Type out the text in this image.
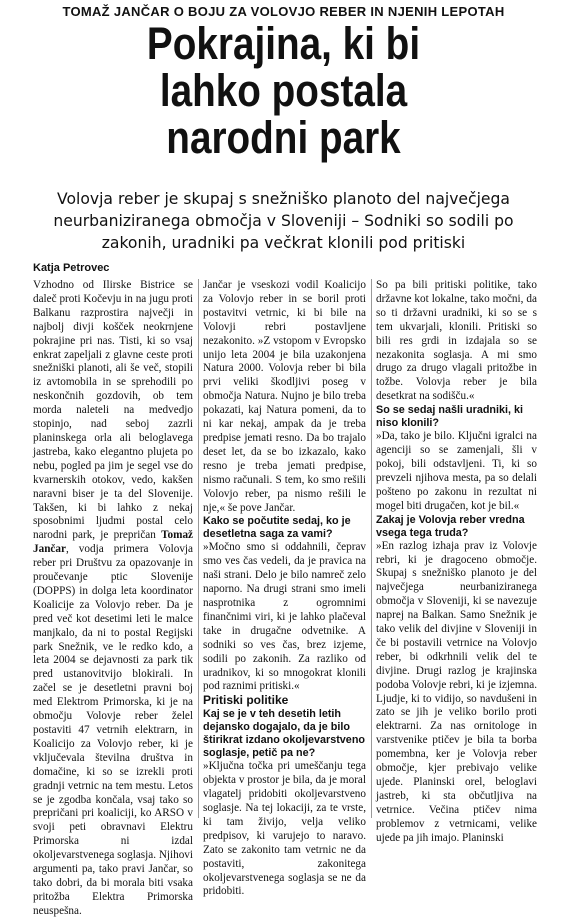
TOMAŽ JANČAR O BOJU ZA VOLOVJO REBER IN NJENIH LEPOTAH
Pokrajina, ki bi
lahko postala
narodni park
Volovja reber je skupaj s snežniško planoto del največjega
neurbaniziranega območja v Sloveniji – Sodniki so sodili po
zakonih, uradniki pa večkrat klonili pod pritiski
Katja Petrovec

Vzhodno od Ilirske Bistrice se daleč proti Kočevju in na jugu proti Balkanu razprostira največji in najbolj divji košček neokrnjene pokrajine pri nas. Tisti, ki so vsaj enkrat zapeljali z glavne ceste proti snežniški planoti, ali še več, stopili iz avtomobila in se sprehodili po neskončnih gozdovih, ob tem morda naleteli na medvedjo stopinjo, nad seboj zazrli planinskega orla ali beloglavega jastreba, kako elegantno plujeta po nebu, pogled pa jim je segel vse do kvarnerskih otokov, vedo, kakšen naravni biser je ta del Slovenije. Takšen, ki bi lahko z nekaj sposobnimi ljudmi postal celo narodni park, je prepričan Tomaž Jančar, vodja primera Volovja reber pri Društvu za opazovanje in proučevanje ptic Slovenije (DOPPS) in dolga leta koordinator Koalicije za Volovjo reber. Da je pred več kot desetimi leti le malce manjkalo, da ni to postal Regijski park Snežnik, ve le redko kdo, a leta 2004 se dejavnosti za park tik pred ustanovitvijo blokirali. In začel se je desetletni pravni boj med Elektrom Primorska, ki je na območju Volovje reber želel postaviti 47 vetrnih elektrarn, in Koalicijo za Volovjo reber, ki je vključevala številna društva in domačine, ki so se izrekli proti gradnji vetrnic na tem mestu. Letos se je zgodba končala, vsaj tako so prepričani pri koaliciji, ko ARSO v svoji peti obravnavi Elektru Primorska ni izdal okoljevarstvenega soglasja. Njihovi argumenti pa, tako pravi Jančar, so tako dobri, da bi morala biti vsaka pritožba Elektra Primorska neuspešna.

Jančar je vseskozi vodil Koalicijo za Volovjo reber in se boril proti postavitvi vetrnic, ki bi bile na Volovji rebri postavljene nezakonito. »Z vstopom v Evropsko unijo leta 2004 je bila uzakonjena Natura 2000. Volovja reber bi bila prvi veliki škodljivi poseg v območja Natura. Nujno je bilo treba pokazati, kaj Natura pomeni, da to ni kar nekaj, ampak da je treba predpise jemati resno. Da bo trajalo deset let, da se bo izkazalo, kako resno je treba jemati predpise, nismo računali. S tem, ko smo rešili Volovjo reber, pa nismo rešili le nje,« še pove Jančar.

Kako se počutite sedaj, ko je desetletna saga za vami?

»Močno smo si oddahnili, čeprav smo ves čas vedeli, da je pravica na naši strani. Delo je bilo namreč zelo naporno. Na drugi strani smo imeli nasprotnika z ogromnimi finančnimi viri, ki je lahko plačeval take in drugačne odvetnike. A sodniki so ves čas, brez izjeme, sodili po zakonih. Za razliko od uradnikov, ki so mnogokrat klonili pod raznimi pritiski.«

Pritiski politike

Kaj se je v teh desetih letih dejansko dogajalo, da je bilo štirikrat izdano okoljevarstveno soglasje, petič pa ne?

»Ključna točka pri umeščanju tega objekta v prostor je bila, da je moral vlagatelj pridobiti okoljevarstveno soglasje. Na tej lokaciji, za te vrste, ki tam živijo, velja veliko predpisov, ki varujejo to naravo. Zato se zakonito tam vetrnic ne da postaviti, zakonitega okoljevarstvenega soglasja se ne da pridobiti.

So pa bili pritiski politike, tako državne kot lokalne, tako močni, da so ti državni uradniki, ki so se s tem ukvarjali, klonili. Pritiski so bili res grdi in izdajala so se nezakonita soglasja. A mi smo drugo za drugo vlagali pritožbe in tožbe. Volovja reber je bila desetkrat na sodišču.«

So se sedaj našli uradniki, ki niso klonili?

»Da, tako je bilo. Ključni igralci na agenciji so se zamenjali, šli v pokoj, bili odstavljeni. Ti, ki so prevzeli njihova mesta, pa so delali pošteno po zakonu in rezultat ni mogel biti drugačen, kot je bil.«

Zakaj je Volovja reber vredna vsega tega truda?

»En razlog izhaja prav iz Volovje rebri, ki je dragoceno območje. Skupaj s snežniško planoto je del največjega neurbaniziranega območja v Sloveniji, ki se navezuje naprej na Balkan. Samo Snežnik je tako velik del divjine v Sloveniji in če bi postavili vetrnice na Volovjo reber, bi odkrhnili velik del te divjine. Drugi razlog je krajinska podoba Volovje rebri, ki je izjemna. Ljudje, ki to vidijo, so navdušeni in zato se jih je veliko borilo proti elektrarni. Za nas ornitologe in varstvenike ptičev je bila ta borba pomembna, ker je Volovja reber območje, kjer prebivajo velike ujede. Planinski orel, beloglavi jastreb, ki sta občutljiva na vetrnice. Večina ptičev nima problemov z vetrnicami, velike ujede pa jih imajo. Planinski
